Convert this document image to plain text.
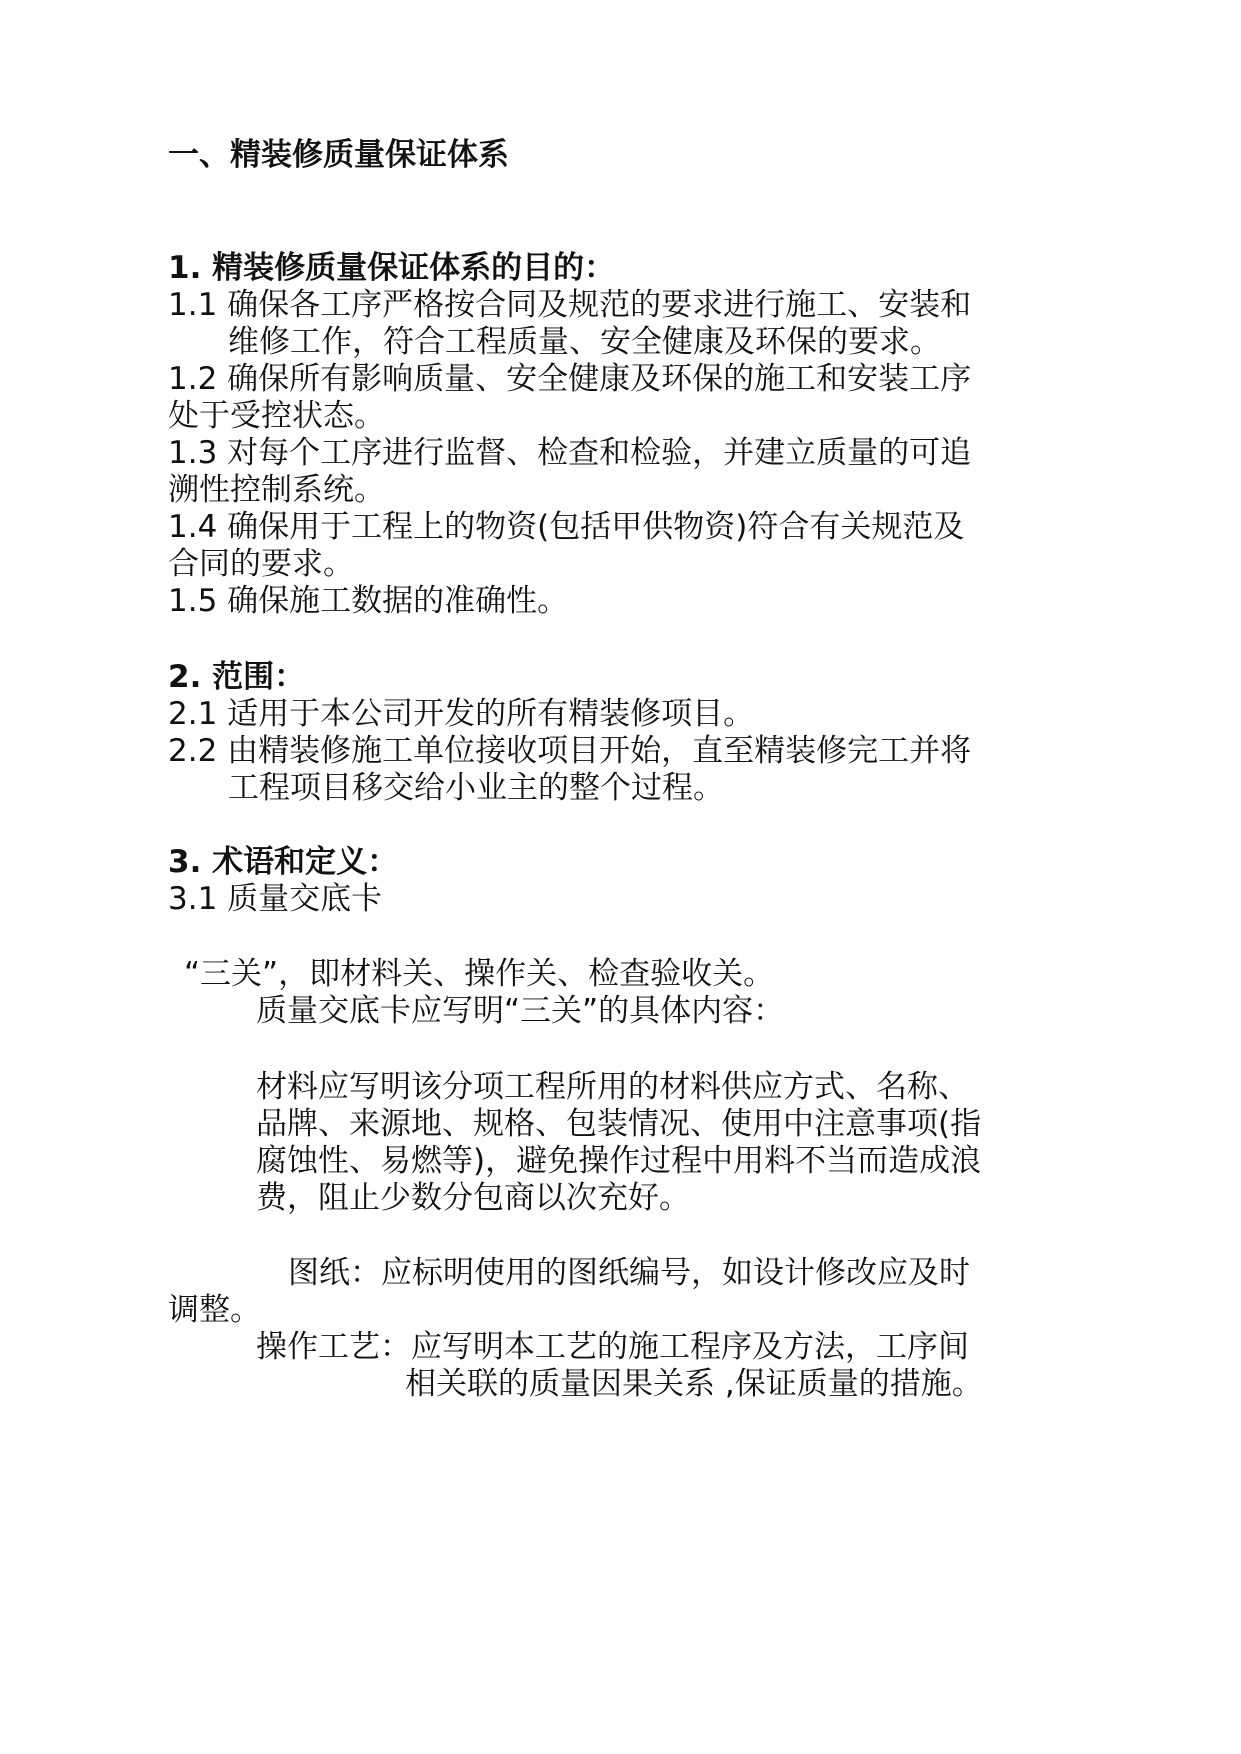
一、精装修质量保证体系
1. 精装修质量保证体系的目的：
1.1 确保各工序严格按合同及规范的要求进行施工、安装和
维修工作，符合工程质量、安全健康及环保的要求。
1.2 确保所有影响质量、安全健康及环保的施工和安装工序
处于受控状态。
1.3 对每个工序进行监督、检查和检验，并建立质量的可追
溯性控制系统。
1.4 确保用于工程上的物资(包括甲供物资)符合有关规范及
合同的要求。
1.5 确保施工数据的准确性。
2. 范围：
2.1 适用于本公司开发的所有精装修项目。
2.2 由精装修施工单位接收项目开始，直至精装修完工并将
工程项目移交给小业主的整个过程。
3. 术语和定义：
3.1 质量交底卡
“三关”，即材料关、操作关、检查验收关。
质量交底卡应写明“三关”的具体内容：
材料应写明该分项工程所用的材料供应方式、名称、
品牌、来源地、规格、包装情况、使用中注意事项(指
腐蚀性、易燃等)，避免操作过程中用料不当而造成浪
费，阻止少数分包商以次充好。
图纸：应标明使用的图纸编号，如设计修改应及时
调整。
操作工艺：应写明本工艺的施工程序及方法，工序间
相关联的质量因果关系 ,保证质量的措施。
